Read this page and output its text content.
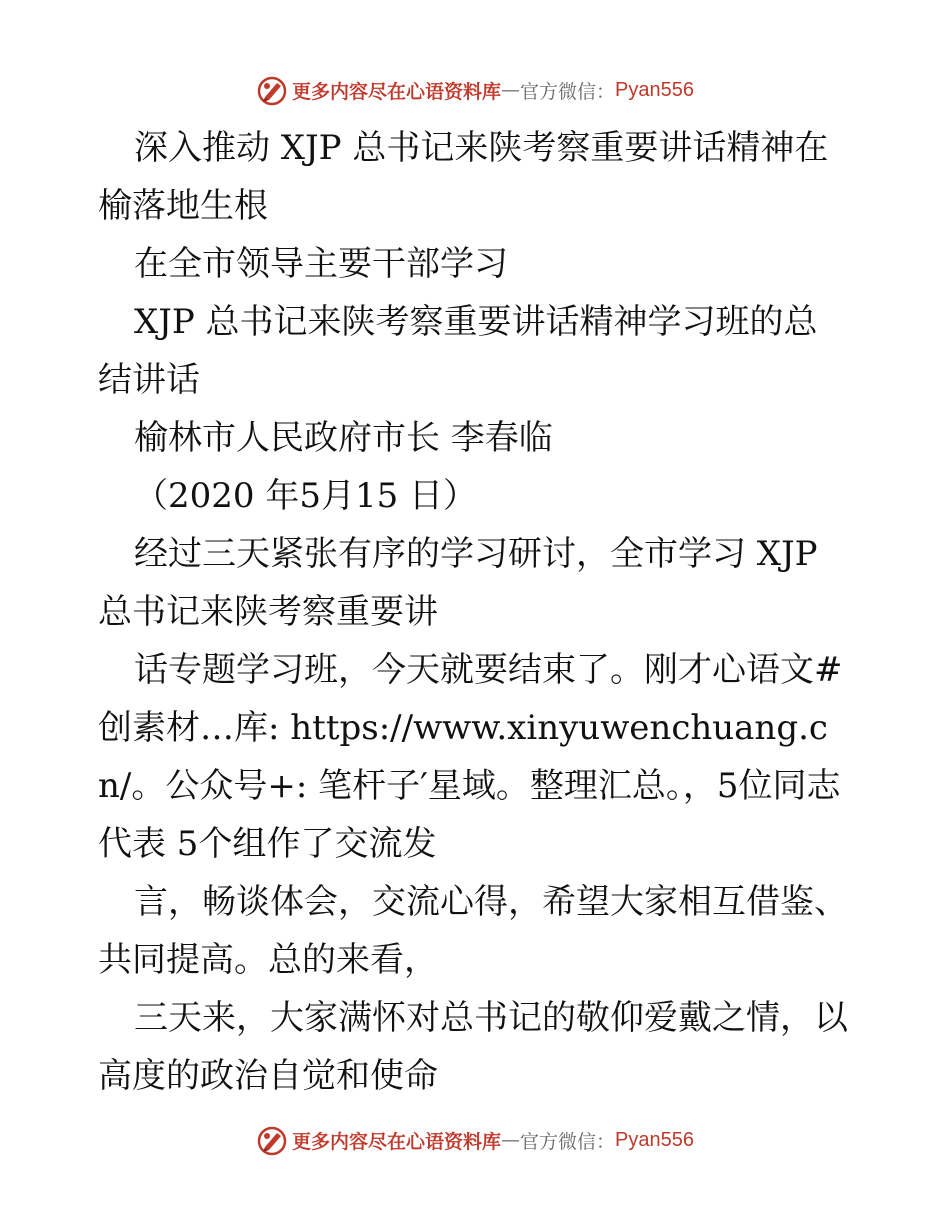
更多内容尽在心语资料库 — 官方微信： Pyan556

深入推动 XJP 总书记来陕考察重要讲话精神在榆落地生根

在全市领导主要干部学习

XJP 总书记来陕考察重要讲话精神学习班的总结讲话

榆林市人民政府市长 李春临

（2020 年5月15 日）

经过三天紧张有序的学习研讨，全市学习 XJP 总书记来陕考察重要讲

话专题学习班，今天就要结束了。刚才心语文#创素材…库: https://www.xinyuwenchuang.cn/。公众号+: 笔杆子′星域。整理汇总。，5位同志代表 5个组作了交流发

言，畅谈体会，交流心得，希望大家相互借鉴、共同提高。总的来看，

三天来，大家满怀对总书记的敬仰爱戴之情，以高度的政治自觉和使命

更多内容尽在心语资料库 — 官方微信： Pyan556
